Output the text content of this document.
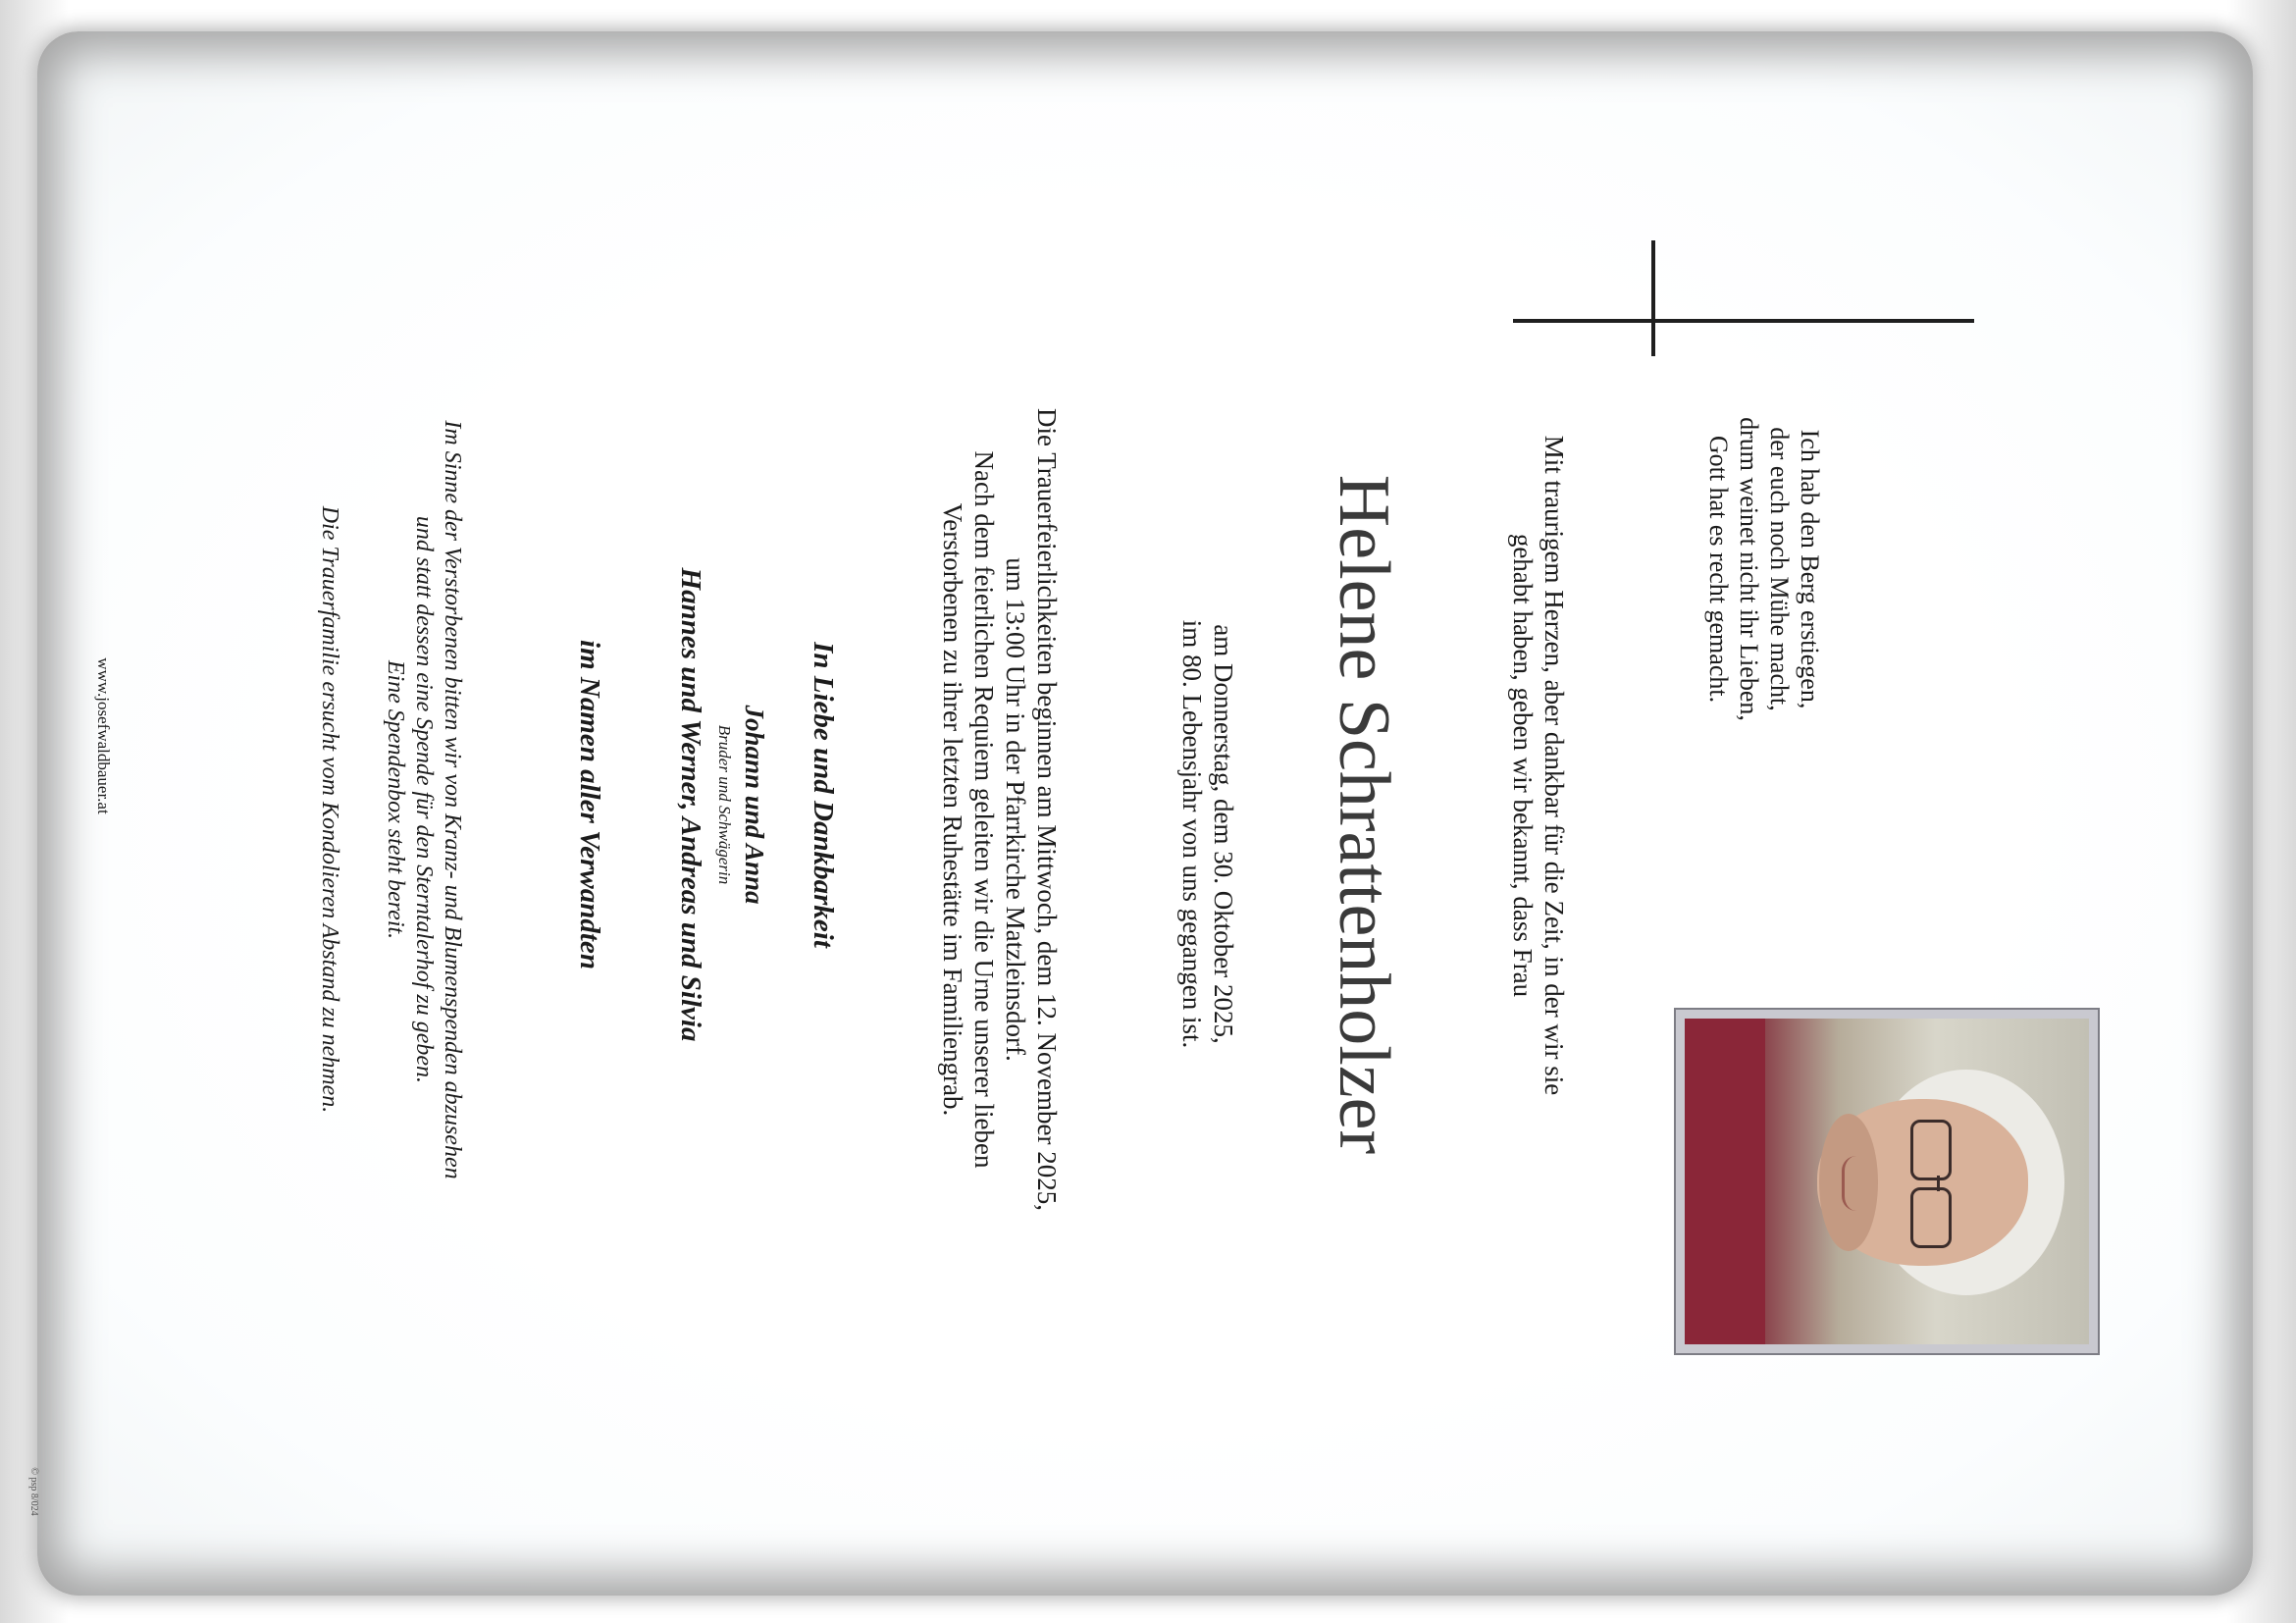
Ich hab den Berg erstiegen,
der euch noch Mühe macht,
drum weinet nicht ihr Lieben,
Gott hat es recht gemacht.
Mit traurigem Herzen, aber dankbar für die Zeit, in der wir sie
gehabt haben, geben wir bekannt, dass Frau
Helene Schrattenholzer
am Donnerstag, dem 30. Oktober 2025,
im 80. Lebensjahr von uns gegangen ist.
Die Trauerfeierlichkeiten beginnen am Mittwoch, dem 12. November 2025,
um 13:00 Uhr in der Pfarrkirche Matzleinsdorf.
Nach dem feierlichen Requiem geleiten wir die Urne unserer lieben
Verstorbenen zu ihrer letzten Ruhestätte im Familiengrab.
In Liebe und Dankbarkeit
Johann und Anna
Bruder und Schwägerin
Hannes und Werner, Andreas und Silvia
im Namen aller Verwandten
Im Sinne der Verstorbenen bitten wir von Kranz- und Blumenspenden abzusehen
und statt dessen eine Spende für den Sterntalerhof zu geben.
Eine Spendenbox steht bereit.
Die Trauerfamilie ersucht vom Kondolieren Abstand zu nehmen.
www.josefwaldbauer.at
© psp 8/024
